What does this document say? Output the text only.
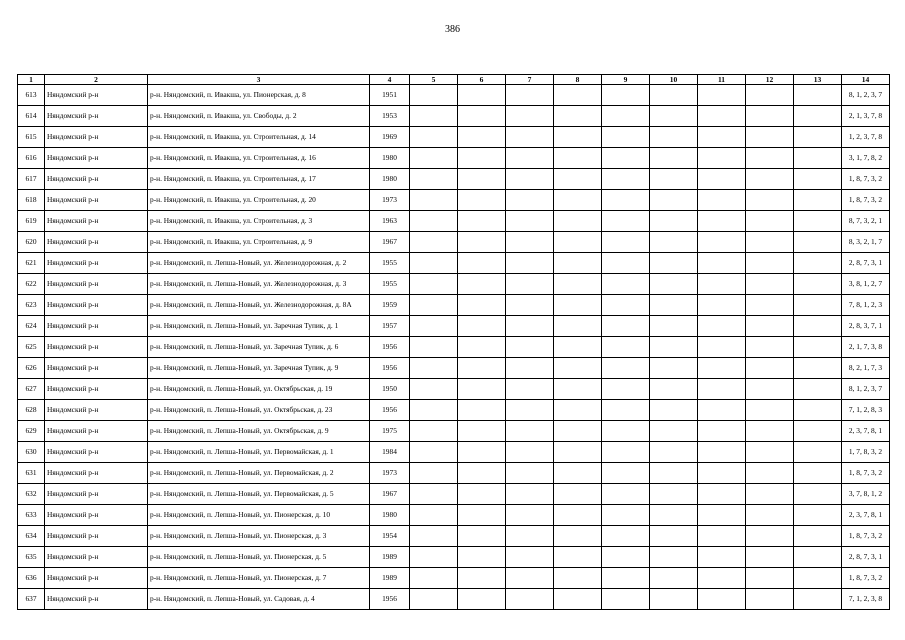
386
1	2	3	4	5	6	7	8	9	10	11	12	13	14
613	Няндомский р-н	р-н. Няндомский, п. Ивакша, ул. Пионерская, д. 8	1951										8, 1, 2, 3, 7
614	Няндомский р-н	р-н. Няндомский, п. Ивакша, ул. Свободы, д. 2	1953										2, 1, 3, 7, 8
615	Няндомский р-н	р-н. Няндомский, п. Ивакша, ул. Строительная, д. 14	1969										1, 2, 3, 7, 8
616	Няндомский р-н	р-н. Няндомский, п. Ивакша, ул. Строительная, д. 16	1980										3, 1, 7, 8, 2
617	Няндомский р-н	р-н. Няндомский, п. Ивакша, ул. Строительная, д. 17	1980										1, 8, 7, 3, 2
618	Няндомский р-н	р-н. Няндомский, п. Ивакша, ул. Строительная, д. 20	1973										1, 8, 7, 3, 2
619	Няндомский р-н	р-н. Няндомский, п. Ивакша, ул. Строительная, д. 3	1963										8, 7, 3, 2, 1
620	Няндомский р-н	р-н. Няндомский, п. Ивакша, ул. Строительная, д. 9	1967										8, 3, 2, 1, 7
621	Няндомский р-н	р-н. Няндомский, п. Лепша-Новый, ул. Железнодорожная, д. 2	1955										2, 8, 7, 3, 1
622	Няндомский р-н	р-н. Няндомский, п. Лепша-Новый, ул. Железнодорожная, д. 3	1955										3, 8, 1, 2, 7
623	Няндомский р-н	р-н. Няндомский, п. Лепша-Новый, ул. Железнодорожная, д. 8А	1959										7, 8, 1, 2, 3
624	Няндомский р-н	р-н. Няндомский, п. Лепша-Новый, ул. Заречная Тупик, д. 1	1957										2, 8, 3, 7, 1
625	Няндомский р-н	р-н. Няндомский, п. Лепша-Новый, ул. Заречная Тупик, д. 6	1956										2, 1, 7, 3, 8
626	Няндомский р-н	р-н. Няндомский, п. Лепша-Новый, ул. Заречная Тупик, д. 9	1956										8, 2, 1, 7, 3
627	Няндомский р-н	р-н. Няндомский, п. Лепша-Новый, ул. Октябрьская, д. 19	1950										8, 1, 2, 3, 7
628	Няндомский р-н	р-н. Няндомский, п. Лепша-Новый, ул. Октябрьская, д. 23	1956										7, 1, 2, 8, 3
629	Няндомский р-н	р-н. Няндомский, п. Лепша-Новый, ул. Октябрьская, д. 9	1975										2, 3, 7, 8, 1
630	Няндомский р-н	р-н. Няндомский, п. Лепша-Новый, ул. Первомайская, д. 1	1984										1, 7, 8, 3, 2
631	Няндомский р-н	р-н. Няндомский, п. Лепша-Новый, ул. Первомайская, д. 2	1973										1, 8, 7, 3, 2
632	Няндомский р-н	р-н. Няндомский, п. Лепша-Новый, ул. Первомайская, д. 5	1967										3, 7, 8, 1, 2
633	Няндомский р-н	р-н. Няндомский, п. Лепша-Новый, ул. Пионерская, д. 10	1980										2, 3, 7, 8, 1
634	Няндомский р-н	р-н. Няндомский, п. Лепша-Новый, ул. Пионерская, д. 3	1954										1, 8, 7, 3, 2
635	Няндомский р-н	р-н. Няндомский, п. Лепша-Новый, ул. Пионерская, д. 5	1989										2, 8, 7, 3, 1
636	Няндомский р-н	р-н. Няндомский, п. Лепша-Новый, ул. Пионерская, д. 7	1989										1, 8, 7, 3, 2
637	Няндомский р-н	р-н. Няндомский, п. Лепша-Новый, ул. Садовая, д. 4	1956										7, 1, 2, 3, 8
